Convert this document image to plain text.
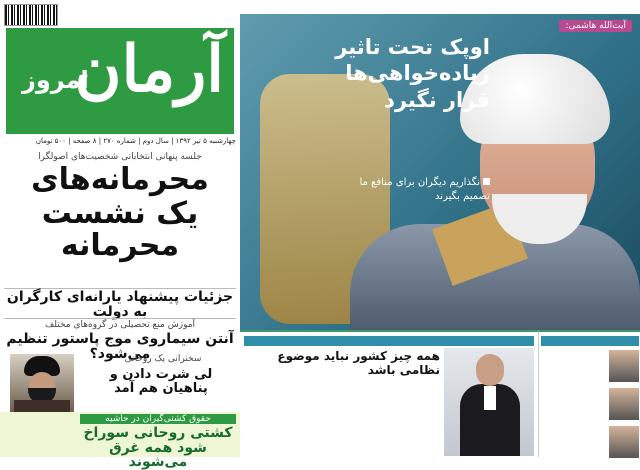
آرمان
امروز
چهارشنبه ۵ تیر ۱۳۹۲ | سال دوم | شماره ۲۷۰ | ۸ صفحه | ۵۰۰ تومان
جلسه پنهانی انتخاباتی شخصیت‌های اصولگرا
محرمانه‌های
یک نشست محرمانه
جزئیات پیشنهاد یارانه‌ای کارگران به دولت
آموزش منع تحصیلی در گروه‌های مختلف
آنتن سیماروی موج پاستور تنظیم می‌شود؟
سخنرانی یک روحانی
لی شرت دادن و پناهیان هم آمد
حقوق کشتی‌گیران در حاشیه
کشتی روحانی سوراخ شود همه غرق می‌شوند
آیت‌الله هاشمی:
اوپک تحت تاثیر زیاده‌خواهی‌ها قرار نگیرد
نگذاریم دیگران برای منافع ما تصمیم بگیرند
همه چیز کشور نباید موضوع نظامی باشد
